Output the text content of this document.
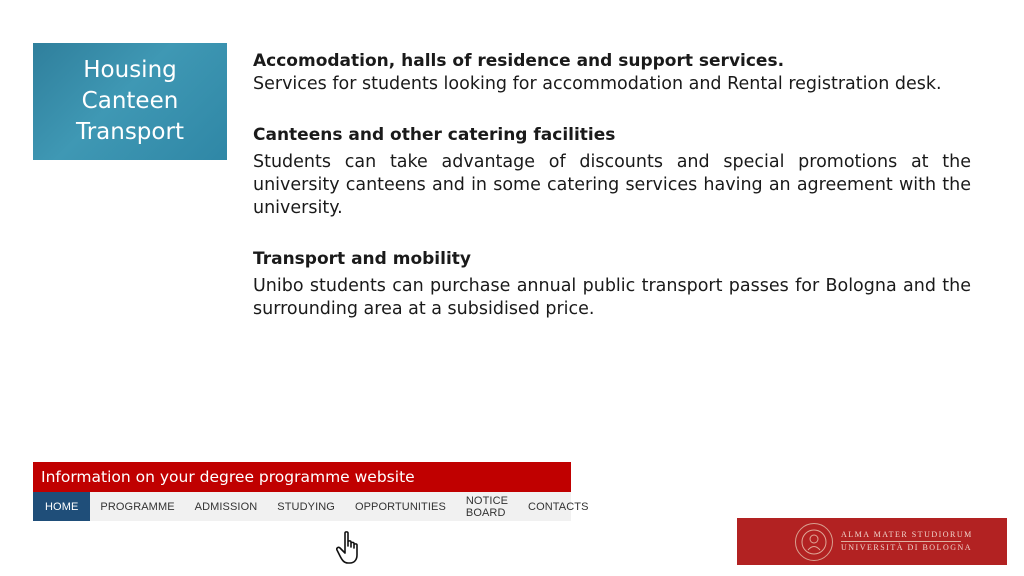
Housing
Canteen
Transport
Accomodation, halls of residence and support services.

Services for students looking for accommodation and Rental registration desk.

Canteens and other catering facilities

Students can take advantage of discounts and special promotions at the university canteens and in some catering services having an agreement with the university.

Transport and mobility

Unibo students can purchase annual public transport passes for Bologna and the surrounding area at a subsidised price.

Information on your degree programme website
HOME	PROGRAMME	ADMISSION	STUDYING	OPPORTUNITIES	NOTICE BOARD	CONTACTS
ALMA MATER STUDIORUM
UNIVERSITÀ DI BOLOGNA
